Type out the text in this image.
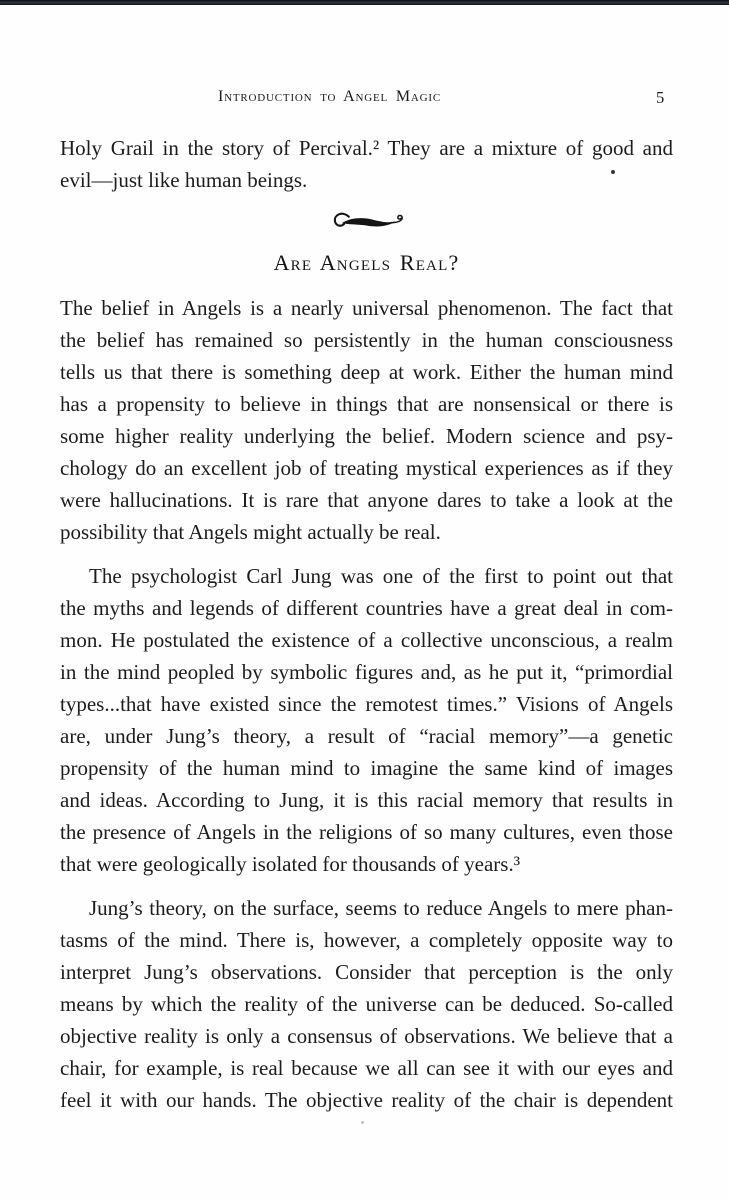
Introduction to Angel Magic	5
Holy Grail in the story of Percival.² They are a mixture of good and
evil—just like human beings.
Are Angels Real?
The belief in Angels is a nearly universal phenomenon. The fact that
the belief has remained so persistently in the human consciousness
tells us that there is something deep at work. Either the human mind
has a propensity to believe in things that are nonsensical or there is
some higher reality underlying the belief. Modern science and psy-
chology do an excellent job of treating mystical experiences as if they
were hallucinations. It is rare that anyone dares to take a look at the
possibility that Angels might actually be real.
The psychologist Carl Jung was one of the first to point out that
the myths and legends of different countries have a great deal in com-
mon. He postulated the existence of a collective unconscious, a realm
in the mind peopled by symbolic figures and, as he put it, “primordial
types...that have existed since the remotest times.” Visions of Angels
are, under Jung’s theory, a result of “racial memory”—a genetic
propensity of the human mind to imagine the same kind of images
and ideas. According to Jung, it is this racial memory that results in
the presence of Angels in the religions of so many cultures, even those
that were geologically isolated for thousands of years.³
Jung’s theory, on the surface, seems to reduce Angels to mere phan-
tasms of the mind. There is, however, a completely opposite way to
interpret Jung’s observations. Consider that perception is the only
means by which the reality of the universe can be deduced. So-called
objective reality is only a consensus of observations. We believe that a
chair, for example, is real because we all can see it with our eyes and
feel it with our hands. The objective reality of the chair is dependent
